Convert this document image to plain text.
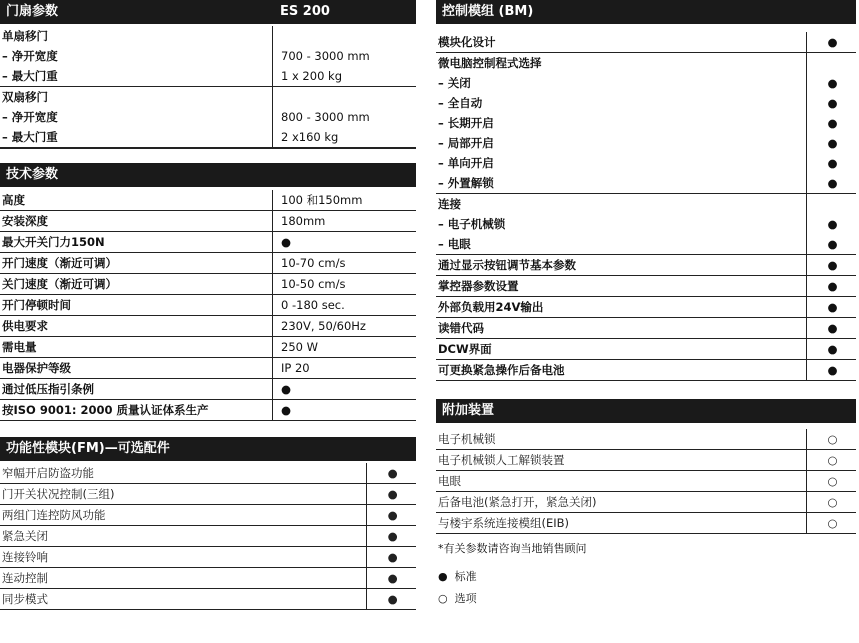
门扇参数	ES 200
单扇移门	
– 净开宽度	700 - 3000 mm
– 最大门重	1 x 200 kg
双扇移门	
– 净开宽度	800 - 3000 mm
– 最大门重	2 x160 kg
技术参数
高度	100 和150mm
安装深度	180mm
最大开关门力150N	●
开门速度（渐近可调）	10-70 cm/s
关门速度（渐近可调）	10-50 cm/s
开门停顿时间	0 -180 sec.
供电要求	230V, 50/60Hz
需电量	250 W
电器保护等级	IP 20
通过低压指引条例	●
按ISO 9001: 2000 质量认证体系生产	●
功能性模块(FM)—可选配件
窄幅开启防盗功能	●
门开关状况控制(三组)	●
两组门连控防风功能	●
紧急关闭	●
连接铃响	●
连动控制	●
同步模式	●
控制模组 (BM)
模块化设计	●
微电脑控制程式选择	
– 关闭	●
– 全自动	●
– 长期开启	●
– 局部开启	●
– 单向开启	●
– 外置解锁	●
连接	
– 电子机械锁	●
– 电眼	●
通过显示按钮调节基本参数	●
掌控器参数设置	●
外部负载用24V输出	●
读错代码	●
DCW界面	●
可更换紧急操作后备电池	●
附加装置
电子机械锁	○
电子机械锁人工解锁装置	○
电眼	○
后备电池(紧急打开，紧急关闭)	○
与楼宇系统连接模组(EIB)	○
*有关参数请咨询当地销售顾问
● 标准
○ 选项
